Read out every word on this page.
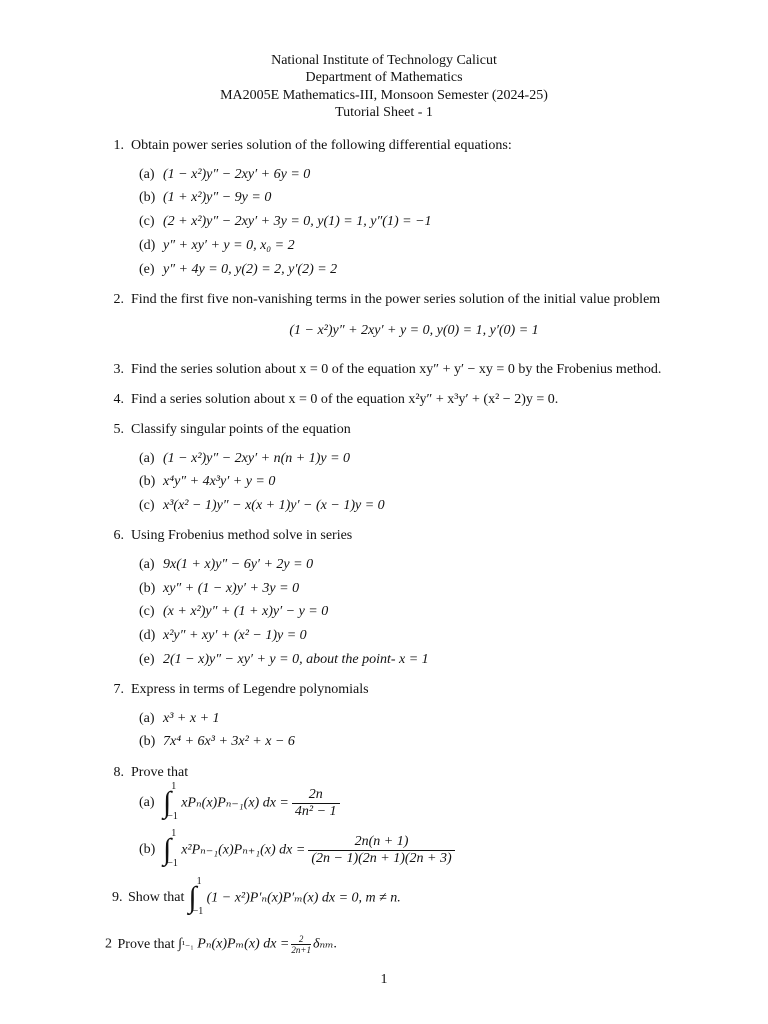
National Institute of Technology Calicut
Department of Mathematics
MA2005E Mathematics-III, Monsoon Semester (2024-25)
Tutorial Sheet - 1
1. Obtain power series solution of the following differential equations:
(a) (1 − x²)y″ − 2xy′ + 6y = 0
(b) (1 + x²)y″ − 9y = 0
(c) (2 + x²)y″ − 2xy′ + 3y = 0, y(1) = 1, y″(1) = −1
(d) y″ + xy′ + y = 0, x₀ = 2
(e) y″ + 4y = 0, y(2) = 2, y′(2) = 2
2. Find the first five non-vanishing terms in the power series solution of the initial value problem
(1 − x²)y″ + 2xy′ + y = 0, y(0) = 1, y′(0) = 1
3. Find the series solution about x = 0 of the equation xy″ + y′ − xy = 0 by the Frobenius method.
4. Find a series solution about x = 0 of the equation x²y″ + x³y′ + (x² − 2)y = 0.
5. Classify singular points of the equation
(a) (1 − x²)y″ − 2xy′ + n(n + 1)y = 0
(b) x⁴y″ + 4x³y′ + y = 0
(c) x³(x² − 1)y″ − x(x + 1)y′ − (x − 1)y = 0
6. Using Frobenius method solve in series
(a) 9x(1 + x)y″ − 6y′ + 2y = 0
(b) xy″ + (1 − x)y′ + 3y = 0
(c) (x + x²)y″ + (1 + x)y′ − y = 0
(d) x²y″ + xy′ + (x² − 1)y = 0
(e) 2(1 − x)y″ − xy′ + y = 0, about the point- x = 1
7. Express in terms of Legendre polynomials
(a) x³ + x + 1
(b) 7x⁴ + 6x³ + 3x² + x − 6
8. Prove that
(a) ∫ 1
−1
xPₙ(x)Pₙ₋₁(x) dx = $\frac{2n}{\text{4n² − 1}}$
(b) ∫ 1
−1
x²Pₙ₋₁(x)Pₙ₊₁(x) dx = $\frac{2n(n + 1)}{(2n - 1)(2n + 1)(2n + 3)}$
9. Show that ∫ 1
−1
(1 − x²)P′ₙ(x)P′ₘ(x) dx = 0, m ≠ n.
2 Prove that ∫¹₋₁ Pₙ(x)Pₘ(x) dx = $\frac{2}{2n+1} \delta_{nm}$.
1
